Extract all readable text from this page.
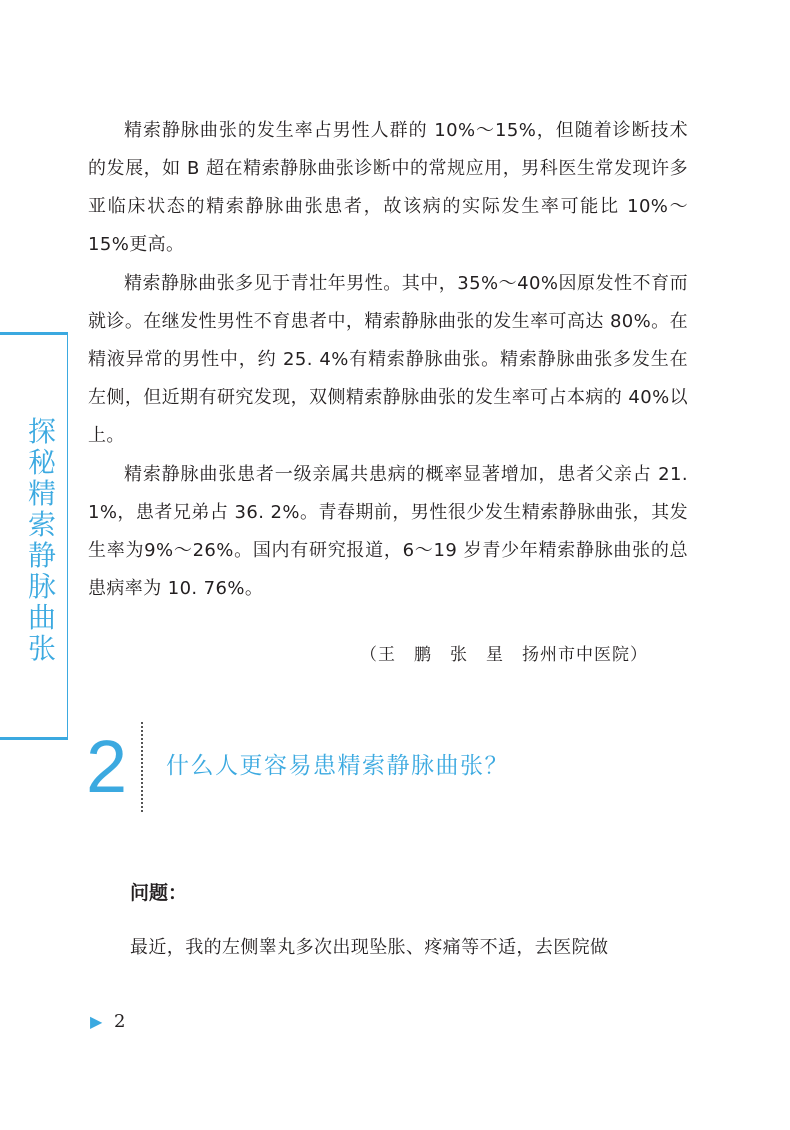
探秘精索静脉曲张

精索静脉曲张的发生率占男性人群的 10%～15%，但随着诊断技术的发展，如 B 超在精索静脉曲张诊断中的常规应用，男科医生常发现许多亚临床状态的精索静脉曲张患者，故该病的实际发生率可能比 10%～15%更高。

精索静脉曲张多见于青壮年男性。其中，35%～40%因原发性不育而就诊。在继发性男性不育患者中，精索静脉曲张的发生率可高达 80%。在精液异常的男性中，约 25. 4%有精索静脉曲张。精索静脉曲张多发生在左侧，但近期有研究发现，双侧精索静脉曲张的发生率可占本病的 40%以上。

精索静脉曲张患者一级亲属共患病的概率显著增加，患者父亲占 21. 1%，患者兄弟占 36. 2%。青春期前，男性很少发生精索静脉曲张，其发生率为9%～26%。国内有研究报道，6～19 岁青少年精索静脉曲张的总患病率为 10. 76%。

（王　鹏　张　星　扬州市中医院）

2 什么人更容易患精索静脉曲张？
问题：

最近，我的左侧睾丸多次出现坠胀、疼痛等不适，去医院做

▶ 2
